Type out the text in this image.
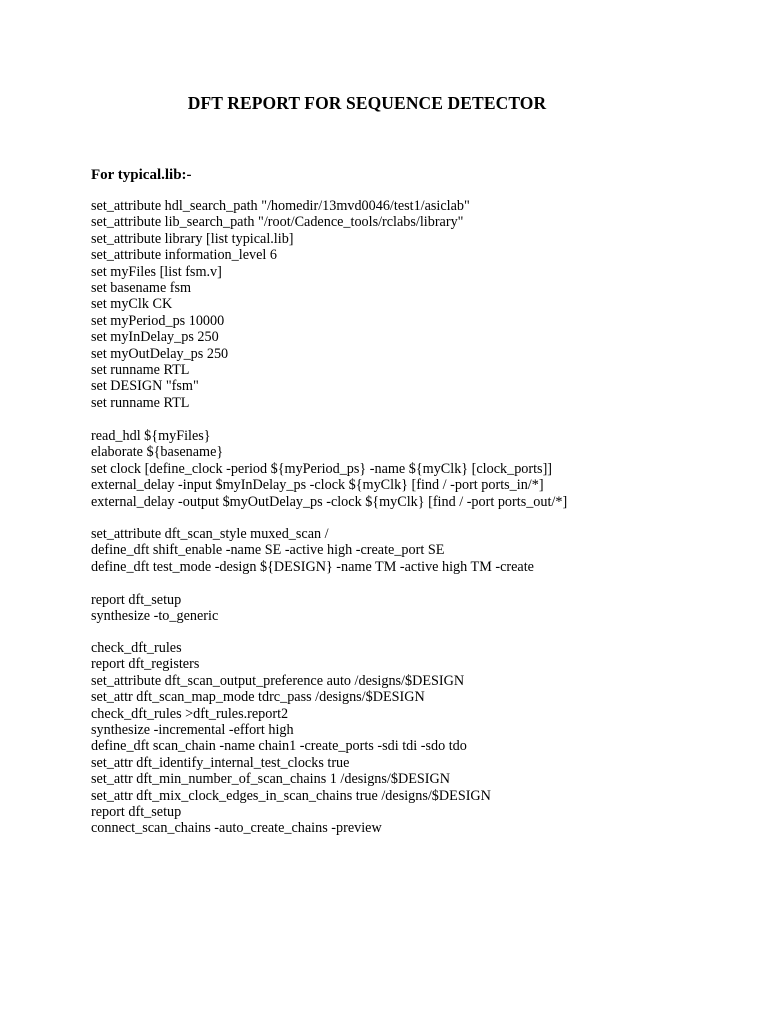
DFT REPORT FOR SEQUENCE DETECTOR
For typical.lib:-
set_attribute hdl_search_path "/homedir/13mvd0046/test1/asiclab"
set_attribute lib_search_path "/root/Cadence_tools/rclabs/library"
set_attribute library [list typical.lib]
set_attribute information_level 6
set myFiles [list fsm.v]
set basename fsm
set myClk CK
set myPeriod_ps 10000
set myInDelay_ps 250
set myOutDelay_ps 250
set runname RTL
set DESIGN "fsm"
set runname RTL
read_hdl ${myFiles}
elaborate ${basename}
set clock [define_clock -period ${myPeriod_ps} -name ${myClk} [clock_ports]]
external_delay -input $myInDelay_ps -clock ${myClk} [find / -port ports_in/*]
external_delay -output $myOutDelay_ps -clock ${myClk} [find / -port ports_out/*]
set_attribute dft_scan_style muxed_scan /
define_dft shift_enable -name SE -active high -create_port SE
define_dft test_mode -design ${DESIGN} -name TM -active high TM -create
report dft_setup
synthesize -to_generic
check_dft_rules
report dft_registers
set_attribute dft_scan_output_preference auto /designs/$DESIGN
set_attr dft_scan_map_mode tdrc_pass /designs/$DESIGN
check_dft_rules >dft_rules.report2
synthesize -incremental -effort high
define_dft scan_chain -name chain1 -create_ports -sdi tdi -sdo tdo
set_attr dft_identify_internal_test_clocks true
set_attr dft_min_number_of_scan_chains 1 /designs/$DESIGN
set_attr dft_mix_clock_edges_in_scan_chains true /designs/$DESIGN
report dft_setup
connect_scan_chains -auto_create_chains -preview
